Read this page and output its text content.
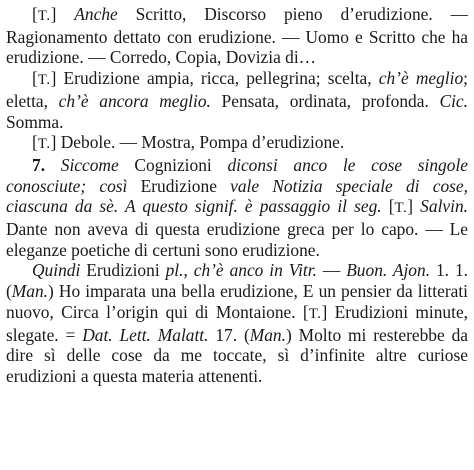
[T.] Anche Scritto, Discorso pieno d’erudizione. — Ragionamento dettato con erudizione. — Uomo e Scritto che ha erudizione. — Corredo, Copia, Dovizia di…

[T.] Erudizione ampia, ricca, pellegrina; scelta, ch’è meglio; eletta, ch’è ancora meglio. Pensata, ordinata, profonda. Cic. Somma.

[T.] Debole. — Mostra, Pompa d’erudizione.

7. Siccome Cognizioni diconsi anco le cose singole conosciute; così Erudizione vale Notizia speciale di cose, ciascuna da sè. A questo signif. è passaggio il seg. [T.] Salvin. Dante non aveva di questa erudizione greca per lo capo. — Le eleganze poetiche di certuni sono erudizione.

Quindi Erudizioni pl., ch’è anco in Vitr. — Buon. Ajon. 1. 1. (Man.) Ho imparata una bella erudizione, E un pensier da litterati nuovo, Circa l’origin qui di Montaione. [T.] Erudizioni minute, slegate. = Dat. Lett. Malatt. 17. (Man.) Molto mi resterebbe da dire sì delle cose da me toccate, sì d’infinite altre curiose erudizioni a questa materia attenenti.
